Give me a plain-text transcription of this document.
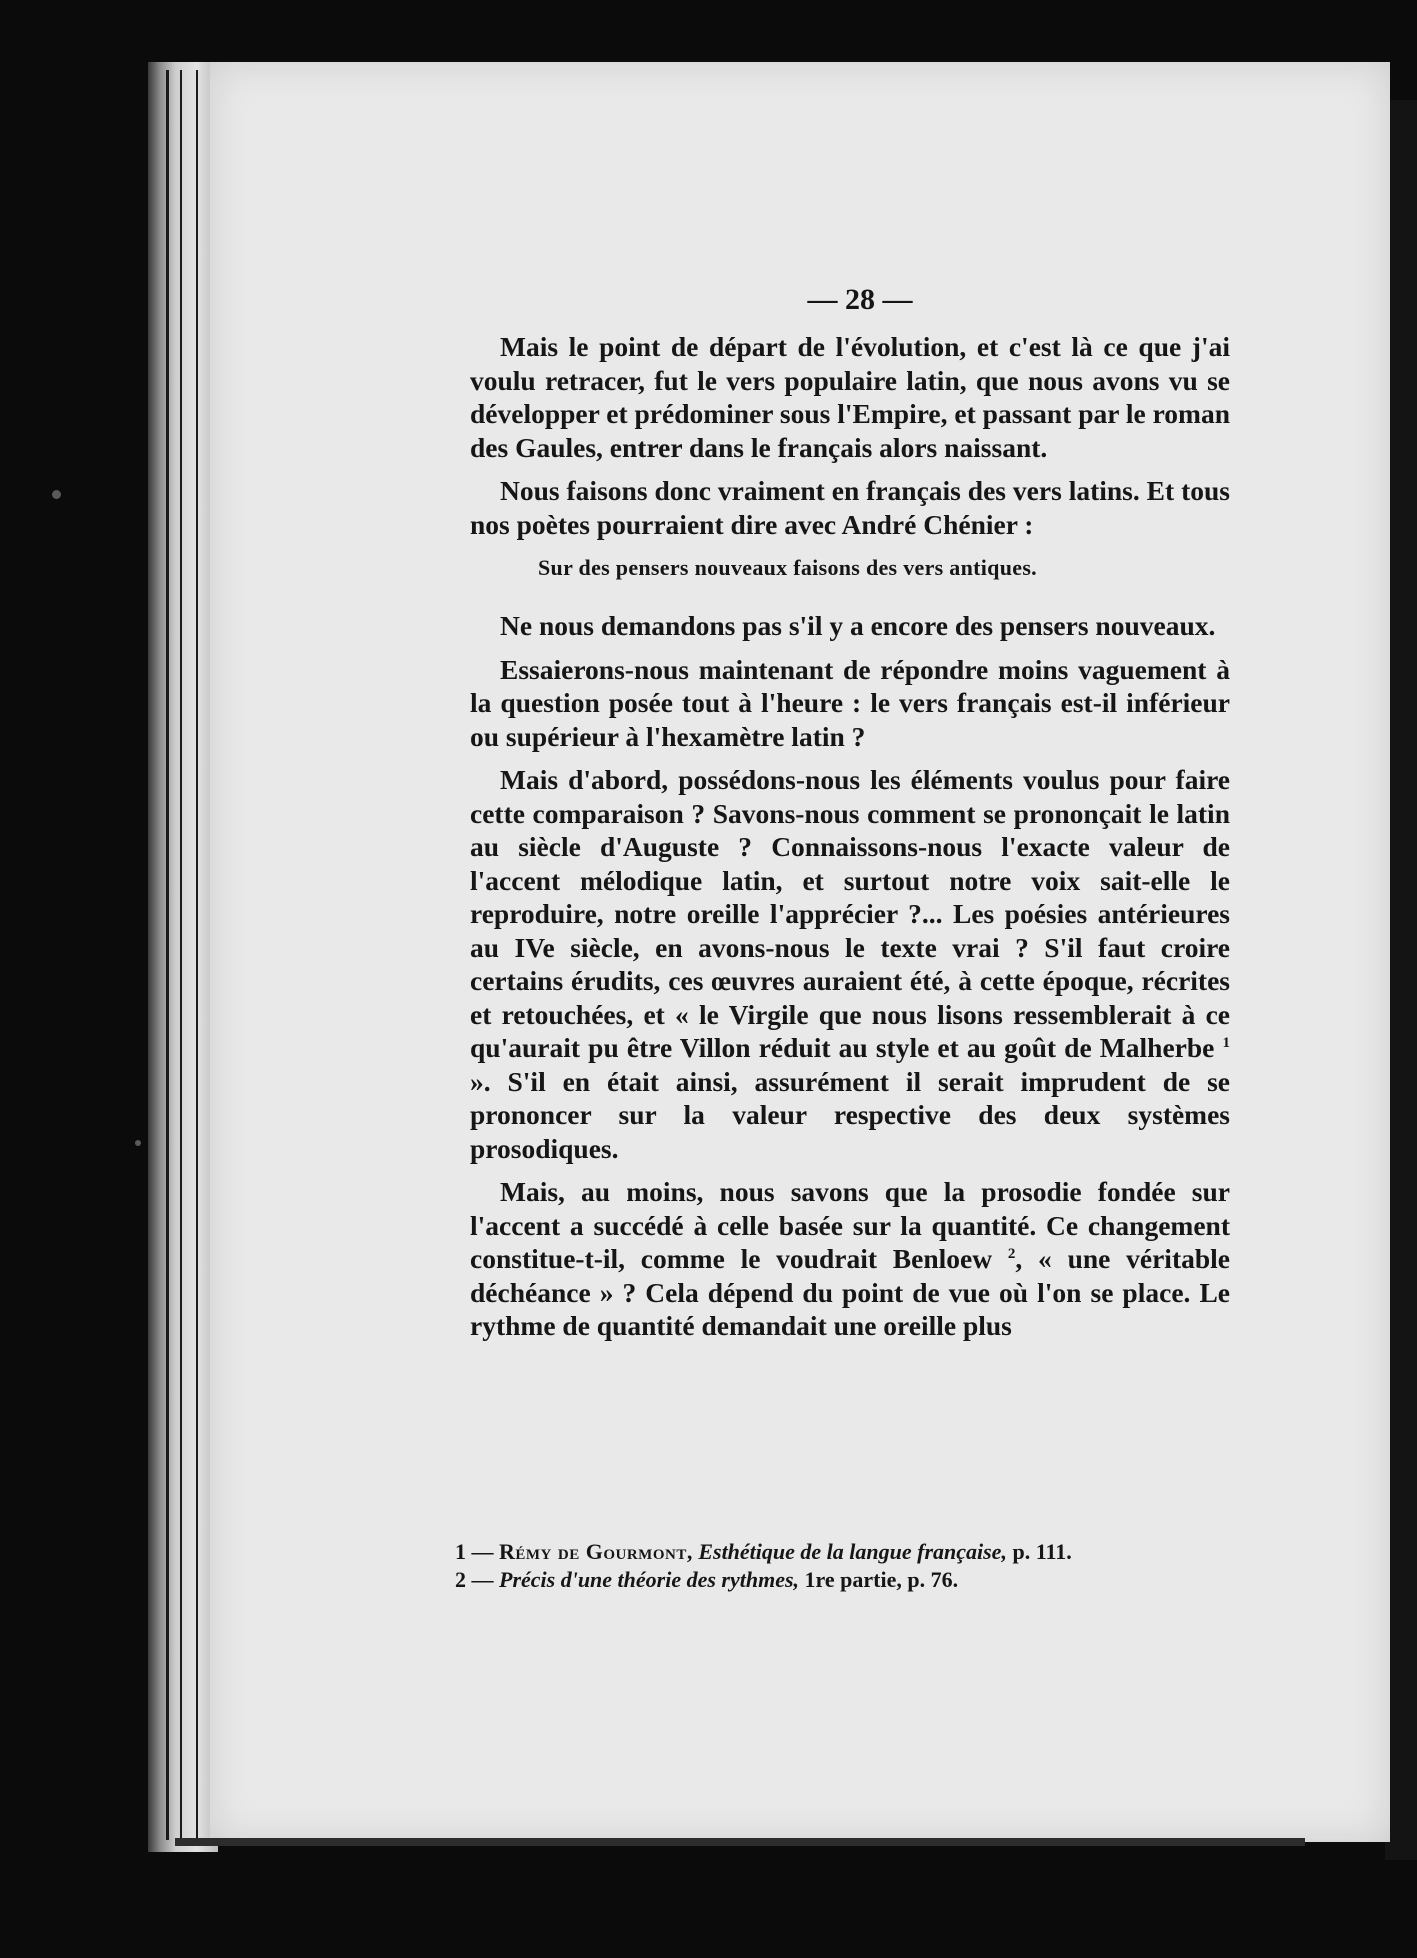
— 28 —

Mais le point de départ de l'évolution, et c'est là ce que j'ai voulu retracer, fut le vers populaire latin, que nous avons vu se développer et prédominer sous l'Empire, et passant par le roman des Gaules, entrer dans le français alors naissant.

Nous faisons donc vraiment en français des vers latins. Et tous nos poètes pourraient dire avec André Chénier :

Sur des pensers nouveaux faisons des vers antiques.

Ne nous demandons pas s'il y a encore des pensers nouveaux.

Essaierons-nous maintenant de répondre moins vaguement à la question posée tout à l'heure : le vers français est-il inférieur ou supérieur à l'hexamètre latin ?

Mais d'abord, possédons-nous les éléments voulus pour faire cette comparaison ? Savons-nous comment se prononçait le latin au siècle d'Auguste ? Connaissons-nous l'exacte valeur de l'accent mélodique latin, et surtout notre voix sait-elle le reproduire, notre oreille l'apprécier ?... Les poésies antérieures au IVe siècle, en avons-nous le texte vrai ? S'il faut croire certains érudits, ces œuvres auraient été, à cette époque, récrites et retouchées, et « le Virgile que nous lisons ressemblerait à ce qu'aurait pu être Villon réduit au style et au goût de Malherbe $^1$ ». S'il en était ainsi, assurément il serait imprudent de se prononcer sur la valeur respective des deux systèmes prosodiques.

Mais, au moins, nous savons que la prosodie fondée sur l'accent a succédé à celle basée sur la quantité. Ce changement constitue-t-il, comme le voudrait Benloew $^2$, « une véritable déchéance » ? Cela dépend du point de vue où l'on se place. Le rythme de quantité demandait une oreille plus

1 — Rémy de Gourmont, Esthétique de la langue française, p. 111.

2 — Précis d'une théorie des rythmes, 1re partie, p. 76.
